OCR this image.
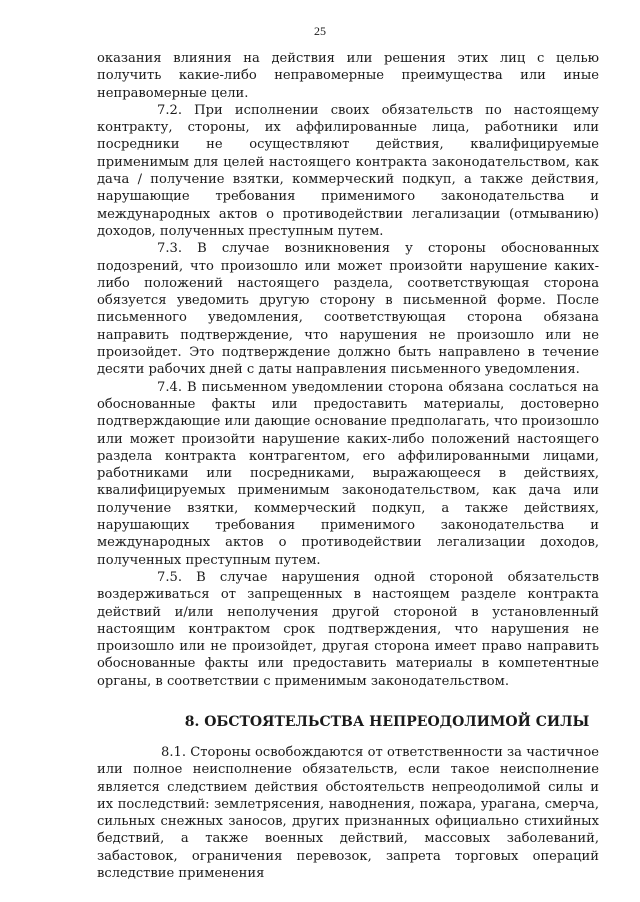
25

оказания влияния на действия или решения этих лиц с целью получить какие-либо неправомерные преимущества или иные неправомерные цели.

7.2. При исполнении своих обязательств по настоящему контракту, стороны, их аффилированные лица, работники или посредники не осуществляют действия, квалифицируемые применимым для целей настоящего контракта законодательством, как дача / получение взятки, коммерческий подкуп, а также действия, нарушающие требования применимого законодательства и международных актов о противодействии легализации (отмыванию) доходов, полученных преступным путем.

7.3. В случае возникновения у стороны обоснованных подозрений, что произошло или может произойти нарушение каких-либо положений настоящего раздела, соответствующая сторона обязуется уведомить другую сторону в письменной форме. После письменного уведомления, соответствующая сторона обязана направить подтверждение, что нарушения не произошло или не произойдет. Это подтверждение должно быть направлено в течение десяти рабочих дней с даты направления письменного уведомления.

7.4. В письменном уведомлении сторона обязана сослаться на обоснованные факты или предоставить материалы, достоверно подтверждающие или дающие основание предполагать, что произошло или может произойти нарушение каких-либо положений настоящего раздела контракта контрагентом, его аффилированными лицами, работниками или посредниками, выражающееся в действиях, квалифицируемых применимым законодательством, как дача или получение взятки, коммерческий подкуп, а также действиях, нарушающих требования применимого законодательства и международных актов о противодействии легализации доходов, полученных преступным путем.

7.5. В случае нарушения одной стороной обязательств воздерживаться от запрещенных в настоящем разделе контракта действий и/или неполучения другой стороной в установленный настоящим контрактом срок подтверждения, что нарушения не произошло или не произойдет, другая сторона имеет право направить обоснованные факты или предоставить материалы в компетентные органы, в соответствии с применимым законодательством.

8. ОБСТОЯТЕЛЬСТВА НЕПРЕОДОЛИМОЙ СИЛЫ

8.1. Стороны освобождаются от ответственности за частичное или полное неисполнение обязательств, если такое неисполнение является следствием действия обстоятельств непреодолимой силы и их последствий: землетрясения, наводнения, пожара, урагана, смерча, сильных снежных заносов, других признанных официально стихийных бедствий, а также военных действий, массовых заболеваний, забастовок, ограничения перевозок, запрета торговых операций вследствие применения
